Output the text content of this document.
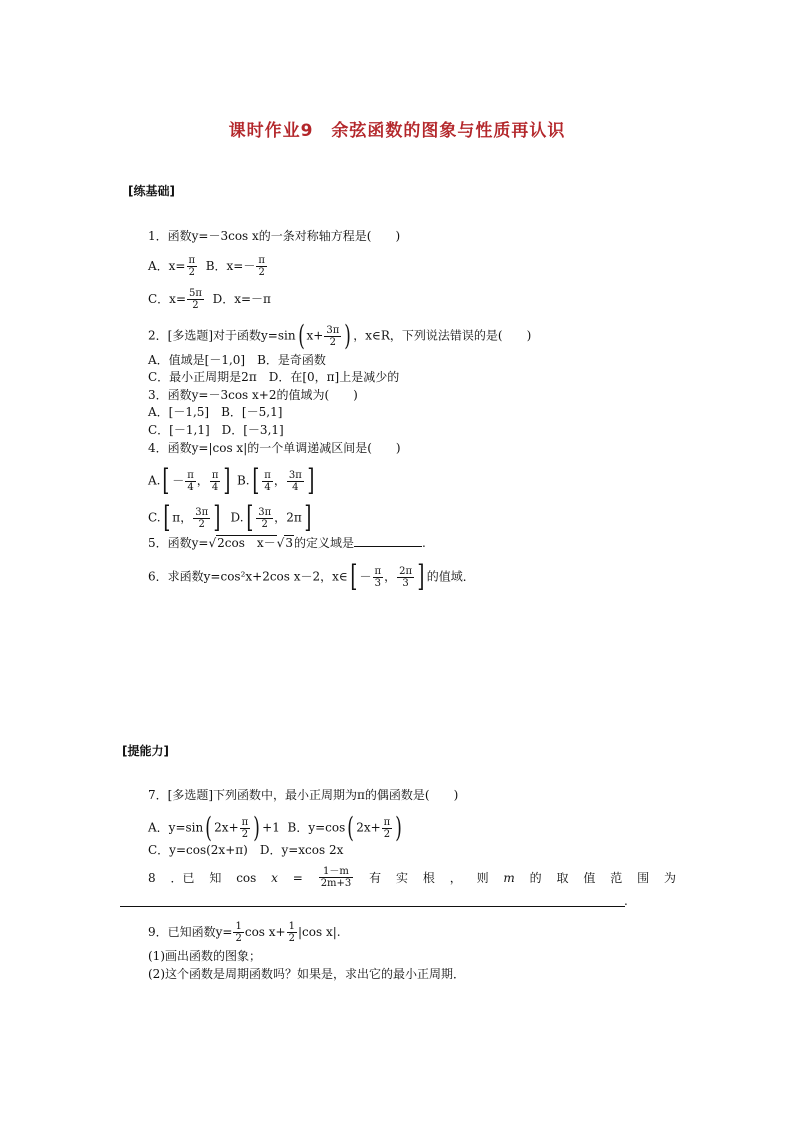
课时作业9　余弦函数的图象与性质再认识
[练基础]
1．函数y=－3cos x的一条对称轴方程是(　　)
A．$x= \frac{\pi}{2}$ B．$x=- \frac{\pi}{2}$
C．$x= \frac{5\pi}{2}$ D．x=－π
2．[多选题]对于函数y=sin( $x+ \frac{3\pi}{2}$ ) ，x∈R，下列说法错误的是(　　)
A．值域是[－1,0]　B．是奇函数
C．最小正周期是2π　D．在[0，π]上是减少的
3．函数y=－3cos x+2的值域为(　　)
A．[－1,5]　B．[－5,1]
C．[－1,1]　D．[－3,1]
4．函数y=|cos x|的一个单调递减区间是(　　)
$A.[ - \frac{\pi}{4}$ ， $\frac{\pi}{4}$ ] $B.[ \frac{\pi}{4}$ ， $\frac{3\pi}{4}$ ]
C.[ π， $\frac{3\pi}{2}$ ] $D.[ \frac{3\pi}{2}$ ，2π]
5．函数y=√2cos　x－√3的定义域是	.
6．求函数y=cos²x+2cos x－2，x∈[ － $\frac{\pi}{3}$ ， $\frac{2\pi}{3}$ ] 的值域．
[提能力]
7．[多选题]下列函数中，最小正周期为π的偶函数是(　　)
A．y=sin( $2x+ \frac{\pi}{2}$ ) +1 B．y=cos( $2x+ \frac{\pi}{2}$ )
C．y=cos(2x+π)　D．y=xcos 2x
8 ．已 知 $\cos x = \frac{1-m}{2m+3}$ 有 实 根 ， 则 m 的 取 值 范 围 为
.
9．已知函数$y= \frac{1}{2}$ $\cos x+ \frac{1}{2} |\cos$ x|.
(1)画出函数的图象；
(2)这个函数是周期函数吗？如果是，求出它的最小正周期．
